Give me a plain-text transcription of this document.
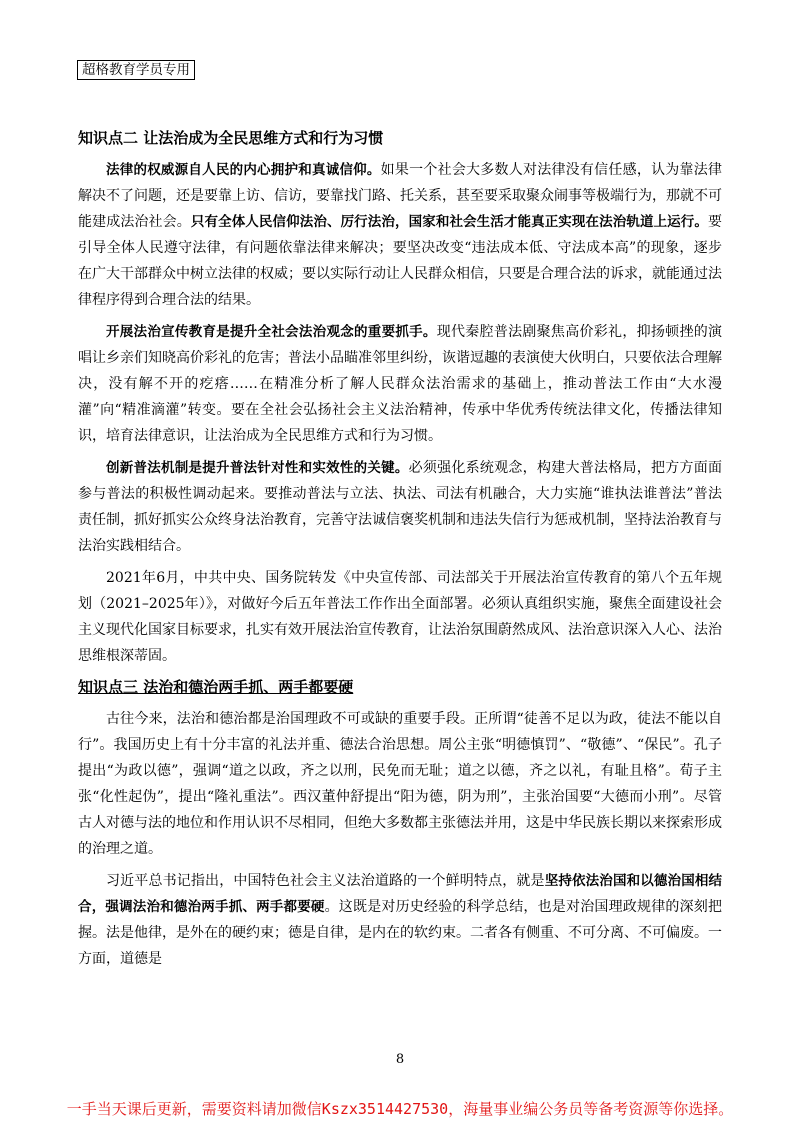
超格教育学员专用
知识点二 让法治成为全民思维方式和行为习惯

法律的权威源自人民的内心拥护和真诚信仰。如果一个社会大多数人对法律没有信任感，认为靠法律解决不了问题，还是要靠上访、信访，要靠找门路、托关系，甚至要采取聚众闹事等极端行为，那就不可能建成法治社会。只有全体人民信仰法治、厉行法治，国家和社会生活才能真正实现在法治轨道上运行。要引导全体人民遵守法律，有问题依靠法律来解决；要坚决改变“违法成本低、守法成本高”的现象，逐步在广大干部群众中树立法律的权威；要以实际行动让人民群众相信，只要是合理合法的诉求，就能通过法律程序得到合理合法的结果。

开展法治宣传教育是提升全社会法治观念的重要抓手。现代秦腔普法剧聚焦高价彩礼，抑扬顿挫的演唱让乡亲们知晓高价彩礼的危害；普法小品瞄准邻里纠纷，诙谐逗趣的表演使大伙明白，只要依法合理解决，没有解不开的疙瘩……在精准分析了解人民群众法治需求的基础上，推动普法工作由“大水漫灌”向“精准滴灌”转变。要在全社会弘扬社会主义法治精神，传承中华优秀传统法律文化，传播法律知识，培育法律意识，让法治成为全民思维方式和行为习惯。

创新普法机制是提升普法针对性和实效性的关键。必须强化系统观念，构建大普法格局，把方方面面参与普法的积极性调动起来。要推动普法与立法、执法、司法有机融合，大力实施“谁执法谁普法”普法责任制，抓好抓实公众终身法治教育，完善守法诚信褒奖机制和违法失信行为惩戒机制，坚持法治教育与法治实践相结合。

2021年6月，中共中央、国务院转发《中央宣传部、司法部关于开展法治宣传教育的第八个五年规划（2021–2025年）》，对做好今后五年普法工作作出全面部署。必须认真组织实施，聚焦全面建设社会主义现代化国家目标要求，扎实有效开展法治宣传教育，让法治氛围蔚然成风、法治意识深入人心、法治思维根深蒂固。

知识点三 法治和德治两手抓、两手都要硬

古往今来，法治和德治都是治国理政不可或缺的重要手段。正所谓“徒善不足以为政，徒法不能以自行”。我国历史上有十分丰富的礼法并重、德法合治思想。周公主张“明德慎罚”、“敬德”、“保民”。孔子提出“为政以德”，强调“道之以政，齐之以刑，民免而无耻；道之以德，齐之以礼，有耻且格”。荀子主张“化性起伪”，提出“隆礼重法”。西汉董仲舒提出“阳为德，阴为刑”，主张治国要“大德而小刑”。尽管古人对德与法的地位和作用认识不尽相同，但绝大多数都主张德法并用，这是中华民族长期以来探索形成的治理之道。

习近平总书记指出，中国特色社会主义法治道路的一个鲜明特点，就是坚持依法治国和以德治国相结合，强调法治和德治两手抓、两手都要硬。这既是对历史经验的科学总结，也是对治国理政规律的深刻把握。法是他律，是外在的硬约束；德是自律，是内在的软约束。二者各有侧重、不可分离、不可偏废。一方面，道德是

8
一手当天课后更新，需要资料请加微信Kszx3514427530，海量事业编公务员等备考资源等你选择。
